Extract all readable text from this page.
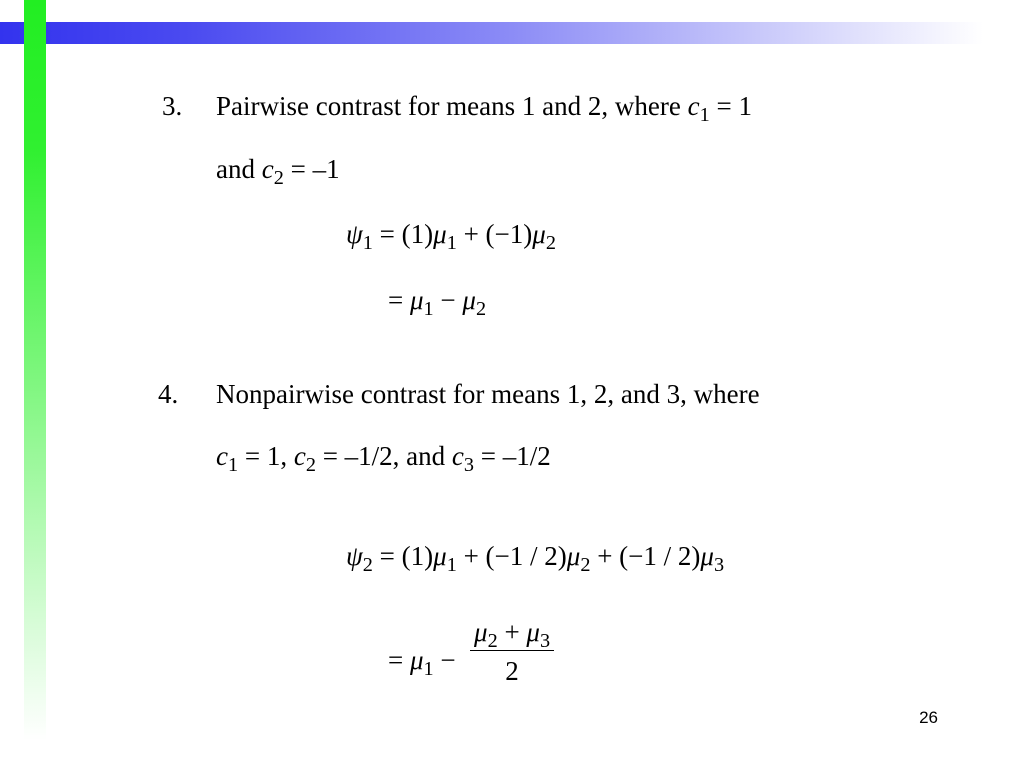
3. Pairwise contrast for means 1 and 2, where $c_1 = 1$
and $c_2 = -1$
$\psi_1 = (1)\mu_1 + (-1)\mu_2$
= $\mu_1 - \mu_2$
4. Nonpairwise contrast for means 1, 2, and 3, where
$c_1 = 1$, $c_2 = -1/2$, and $c_3 = -1/2$
$\psi_2 = (1)\mu_1 + (-1 / 2)\mu_2 + (-1 / 2)\mu_3$
= $\mu_1 - \frac{\mu_2 + \mu_3}{2}$
26
